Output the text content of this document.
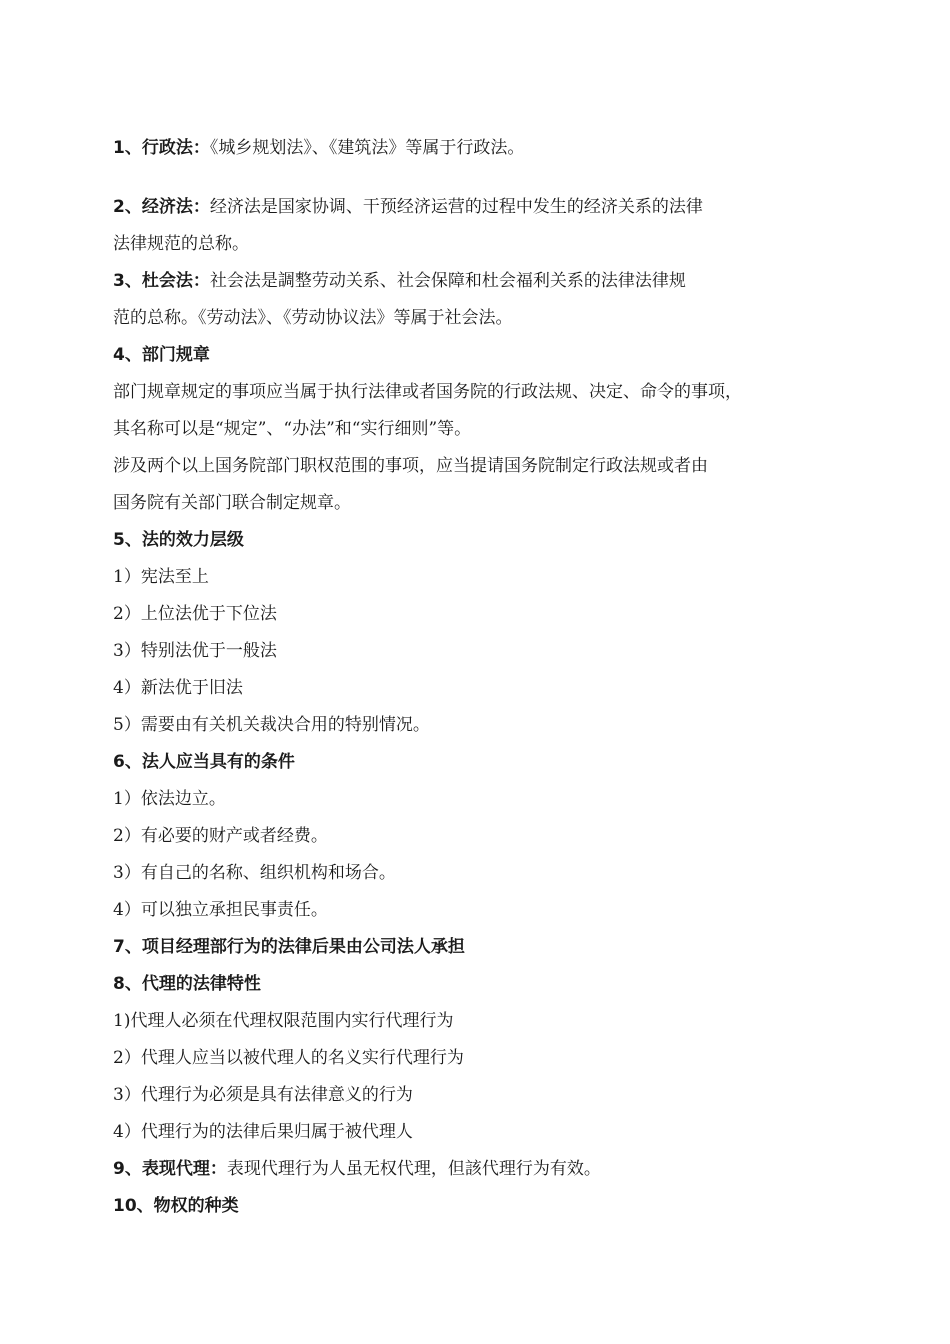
1、行政法：《城乡规划法》、《建筑法》等属于行政法。
2、经济法：经济法是国家协调、干预经济运营的过程中发生的经济关系的法律
法律规范的总称。
3、杜会法：社会法是調整劳动关系、社会保障和杜会福利关系的法律法律规
范的总称。《劳动法》、《劳动协议法》等属于社会法。
4、部门规章
部门规章规定的事项应当属于执行法律或者国务院的行政法规、决定、命令的事项，
其名称可以是“规定”、“办法”和“实行细则”等。
涉及两个以上国务院部门职权范围的事项，应当提请国务院制定行政法规或者由
国务院有关部门联合制定规章。
5、法的效力层级
1）宪法至上
2）上位法优于下位法
3）特别法优于一般法
4）新法优于旧法
5）需要由有关机关裁决合用的特别情况。
6、法人应当具有的条件
1）依法边立。
2）有必要的财产或者经费。
3）有自己的名称、组织机构和场合。
4）可以独立承担民事责任。
7、项目经理部行为的法律后果由公司法人承担
8、代理的法律特性
1)代理人必须在代理权限范围内实行代理行为
2）代理人应当以被代理人的名义实行代理行为
3）代理行为必须是具有法律意义的行为
4）代理行为的法律后果归属于被代理人
9、表现代理：表现代理行为人虽无权代理，但該代理行为有效。
10、物权的种类
